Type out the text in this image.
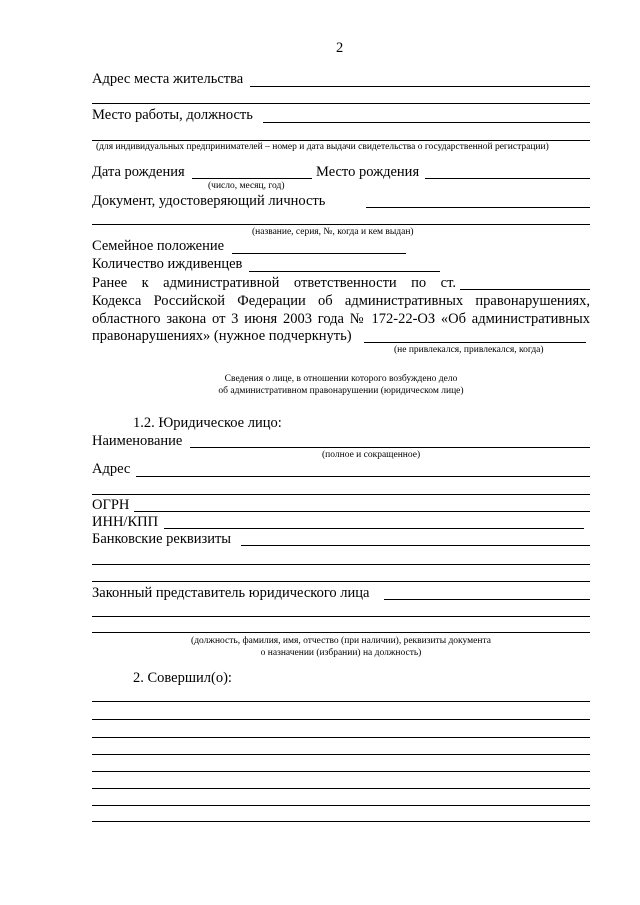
2
Адрес места жительства
Место работы, должность
(для индивидуальных предпринимателей – номер и дата выдачи свидетельства о государственной регистрации)
Дата рождения	Место рождения
(число, месяц, год)
Документ, удостоверяющий личность
(название, серия, №, когда и кем выдан)
Семейное положение
Количество иждивенцев
Ранее к административной ответственности по ст.
Кодекса Российской Федерации об административных правонарушениях,
областного закона от 3 июня 2003 года № 172-22-ОЗ «Об административных
правонарушениях» (нужное подчеркнуть)
(не привлекался, привлекался, когда)
Сведения о лице, в отношении которого возбуждено дело
об административном правонарушении (юридическом лице)
1.2. Юридическое лицо:
Наименование
(полное и сокращенное)
Адрес
ОГРН
ИНН/КПП
Банковские реквизиты
Законный представитель юридического лица
(должность, фамилия, имя, отчество (при наличии), реквизиты документа
о назначении (избрании) на должность)
2. Совершил(о):
